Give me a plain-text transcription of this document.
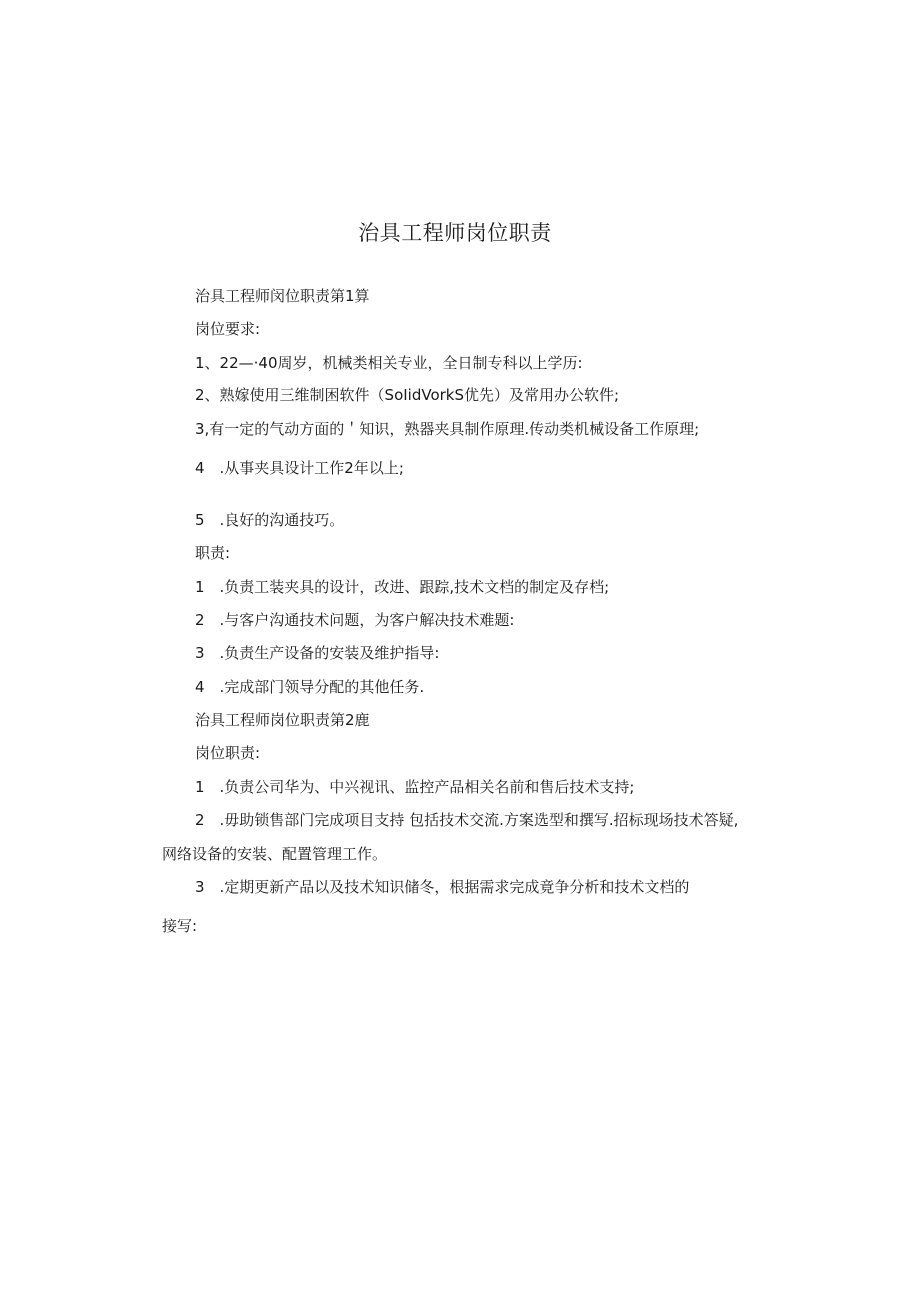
治具工程师岗位职责
治具工程师闵位职责第1算
岗位要求:
1、22—·40周岁，机械类相关专业，全日制专科以上学历:
2、熟嫁使用三维制困软件（SoIidVorkS优先）及常用办公软件;
3,有一定的气动方面的＇知识，熟器夹具制作原理.传动类机械设备工作原理;
4　.从事夹具设计工作2年以上;
5　.良好的沟通技巧。
职责:
1　.负责工装夹具的设计，改进、跟踪,技术文档的制定及存档;
2　.与客户沟通技术问题，为客户解决技术难题:
3　.负责生产设备的安装及维护指导:
4　.完成部门领导分配的其他任务.
治具工程师岗位职责第2鹿
岗位职责:
1　.负责公司华为、中兴视讯、监控产品相关名前和售后技术支持;
2　.毋助锁售部门完成项目支持 包括技术交流.方案选型和撰写.招标现场技术答疑,
网络设备的安装、配置管理工作。
3　.定期更新产品以及技术知识储冬，根据需求完成竟争分析和技术文档的
接写:
